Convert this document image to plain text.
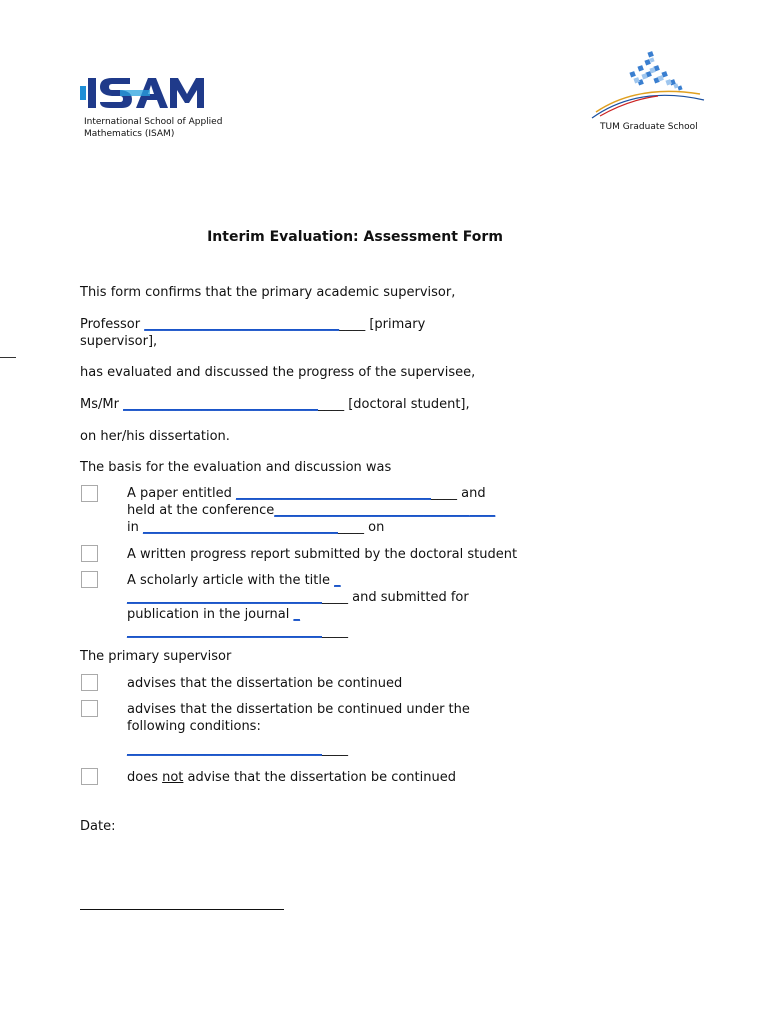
International School of Applied Mathematics (ISAM)
TUM Graduate School
Interim Evaluation: Assessment Form
This form confirms that the primary academic supervisor,
Professor __________________________________ [primary
supervisor],
has evaluated and discussed the progress of the supervisee,
Ms/Mr __________________________________ [doctoral student],
on her/his dissertation.
The basis for the evaluation and discussion was
A paper entitled __________________________________ and
held at the conference__________________________________
in __________________________________ on
A written progress report submitted by the doctoral student
A scholarly article with the title _
__________________________________ and submitted for
publication in the journal _
__________________________________
The primary supervisor
advises that the dissertation be continued
advises that the dissertation be continued under the
following conditions:
__________________________________
does not advise that the dissertation be continued
Date:
